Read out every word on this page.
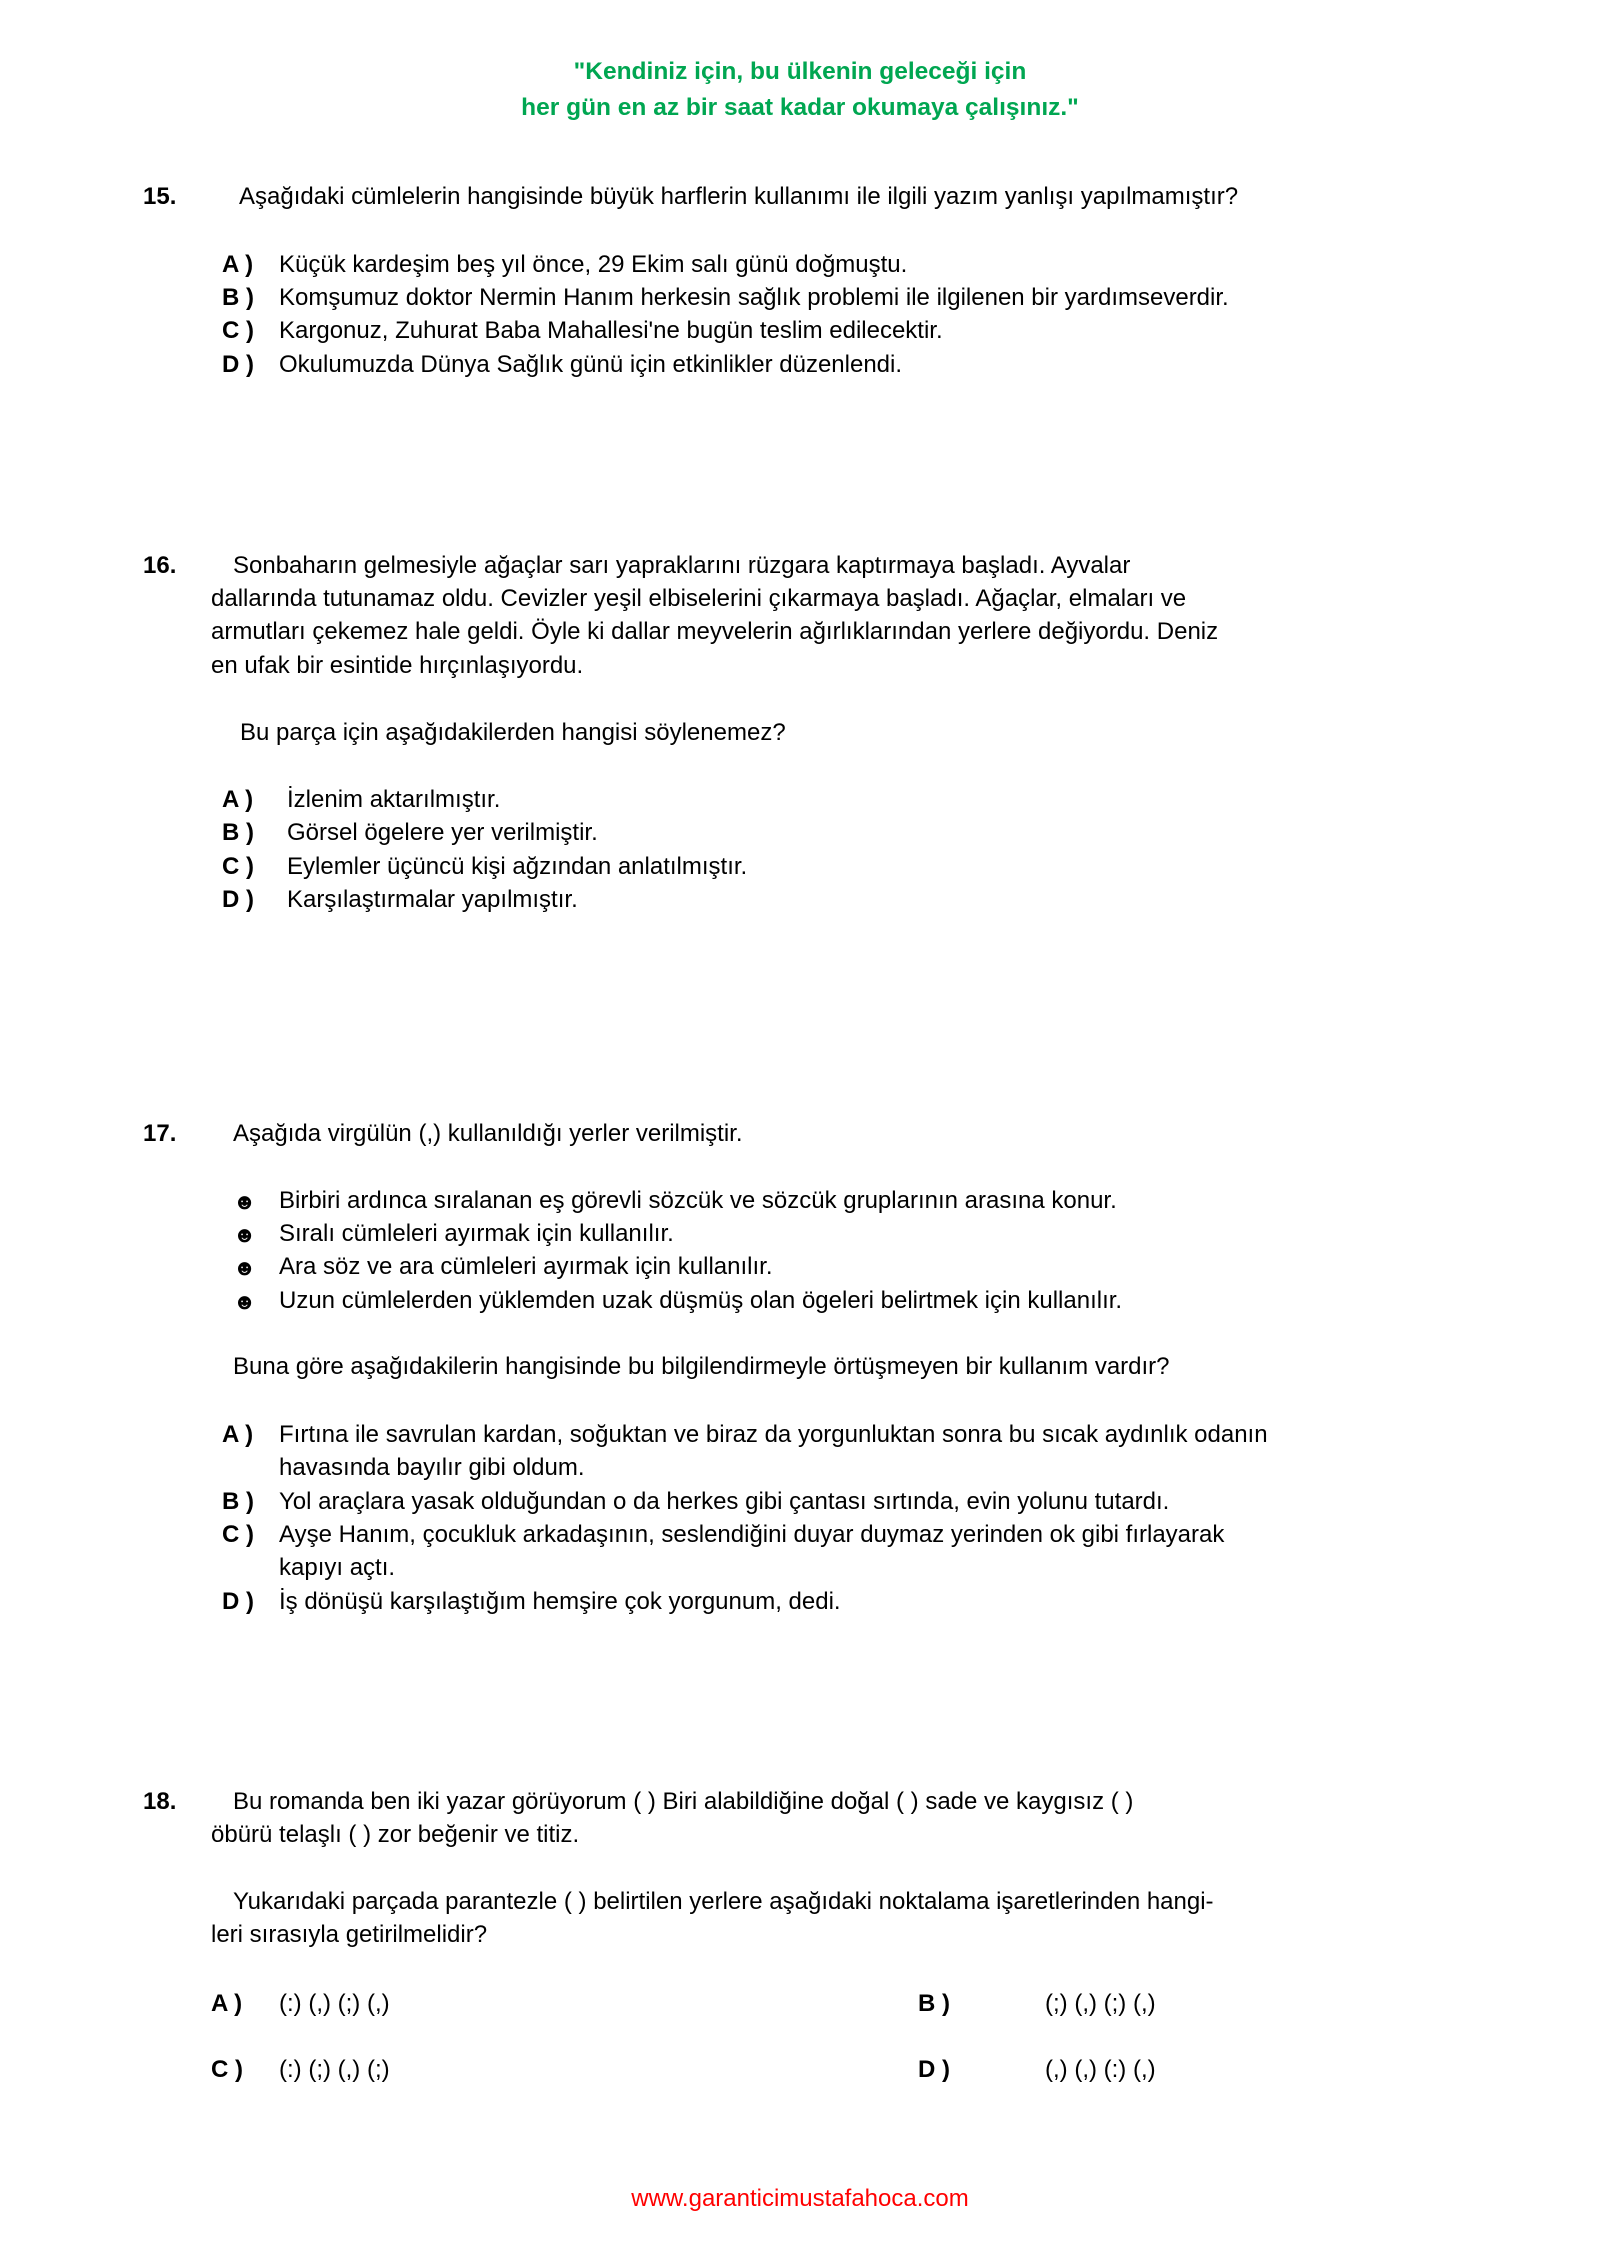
"Kendiniz için, bu ülkenin geleceği için
her gün en az bir saat kadar okumaya çalışınız."
15.	Aşağıdaki cümlelerin hangisinde büyük harflerin kullanımı ile ilgili yazım yanlışı yapılmamıştır?
A ) Küçük kardeşim beş yıl önce, 29 Ekim salı günü doğmuştu.
B ) Komşumuz doktor Nermin Hanım herkesin sağlık problemi ile ilgilenen bir yardımseverdir.
C ) Kargonuz, Zuhurat Baba Mahallesi'ne bugün teslim edilecektir.
D ) Okulumuzda Dünya Sağlık günü için etkinlikler düzenlendi.
16. Sonbaharın gelmesiyle ağaçlar sarı yapraklarını rüzgara kaptırmaya başladı. Ayvalar
dallarında tutunamaz oldu. Cevizler yeşil elbiselerini çıkarmaya başladı. Ağaçlar, elmaları ve
armutları çekemez hale geldi. Öyle ki dallar meyvelerin ağırlıklarından yerlere değiyordu. Deniz
en ufak bir esintide hırçınlaşıyordu.
Bu parça için aşağıdakilerden hangisi söylenemez?
A ) İzlenim aktarılmıştır.
B ) Görsel ögelere yer verilmiştir.
C ) Eylemler üçüncü kişi ağzından anlatılmıştır.
D ) Karşılaştırmalar yapılmıştır.
17. Aşağıda virgülün (,) kullanıldığı yerler verilmiştir.
☻ Birbiri ardınca sıralanan eş görevli sözcük ve sözcük gruplarının arasına konur.
☻ Sıralı cümleleri ayırmak için kullanılır.
☻ Ara söz ve ara cümleleri ayırmak için kullanılır.
☻ Uzun cümlelerden yüklemden uzak düşmüş olan ögeleri belirtmek için kullanılır.
Buna göre aşağıdakilerin hangisinde bu bilgilendirmeyle örtüşmeyen bir kullanım vardır?
A ) Fırtına ile savrulan kardan, soğuktan ve biraz da yorgunluktan sonra bu sıcak aydınlık odanın
havasında bayılır gibi oldum.
B ) Yol araçlara yasak olduğundan o da herkes gibi çantası sırtında, evin yolunu tutardı.
C ) Ayşe Hanım, çocukluk arkadaşının, seslendiğini duyar duymaz yerinden ok gibi fırlayarak
kapıyı açtı.
D ) İş dönüşü karşılaştığım hemşire çok yorgunum, dedi.
18. Bu romanda ben iki yazar görüyorum ( ) Biri alabildiğine doğal ( ) sade ve kaygısız ( )
öbürü telaşlı ( ) zor beğenir ve titiz.
Yukarıdaki parçada parantezle ( ) belirtilen yerlere aşağıdaki noktalama işaretlerinden hangi-
leri sırasıyla getirilmelidir?
A ) (:) (,) (;) (,)	B )	(;) (,) (;) (,)
C ) (:) (;) (,) (;)	D )	(,) (,) (:) (,)
www.garanticimustafahoca.com
